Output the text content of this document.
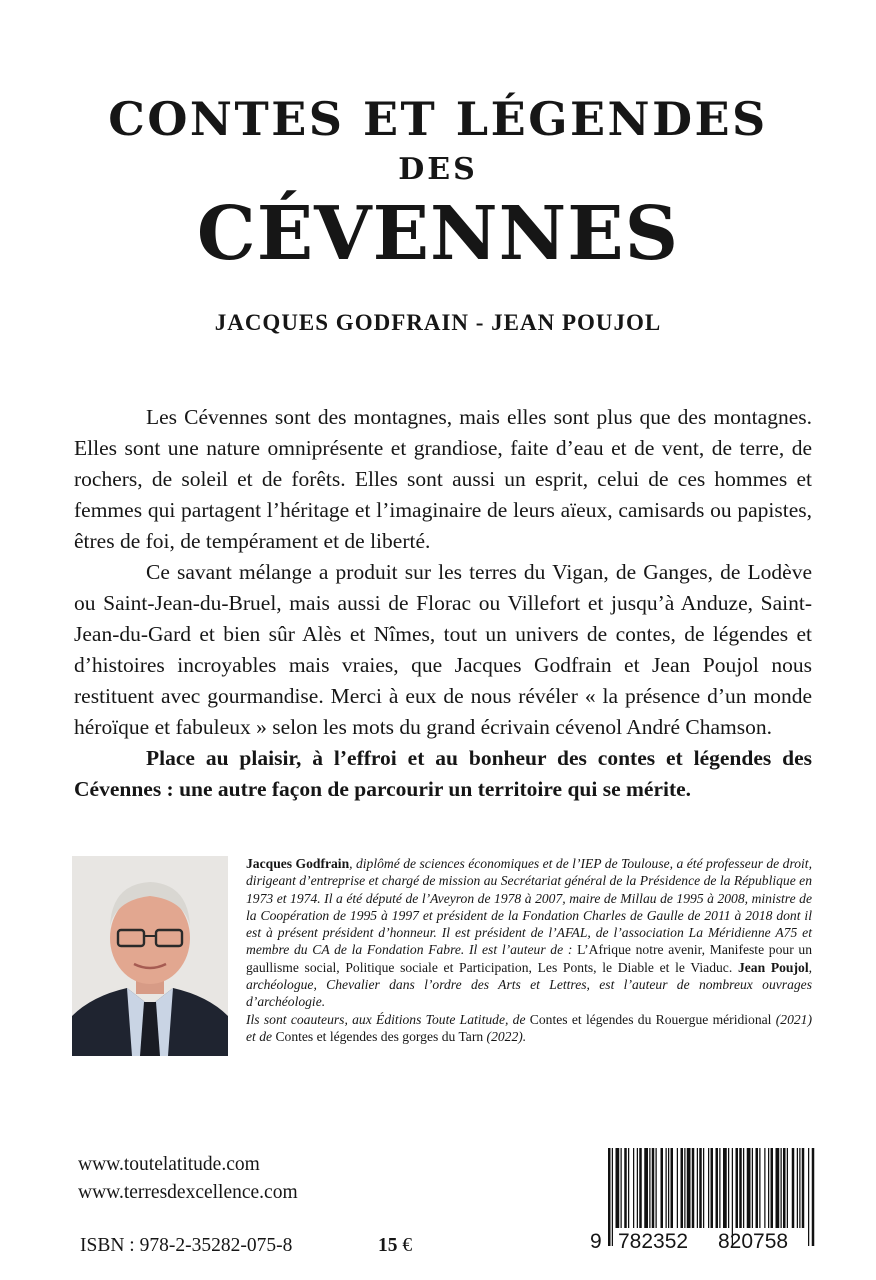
CONTES ET LÉGENDES
DES
CÉVENNES
JACQUES GODFRAIN - JEAN POUJOL

Les Cévennes sont des montagnes, mais elles sont plus que des montagnes. Elles sont une nature omniprésente et grandiose, faite d’eau et de vent, de terre, de rochers, de soleil et de forêts. Elles sont aussi un esprit, celui de ces hommes et femmes qui partagent l’héritage et l’imaginaire de leurs aïeux, camisards ou papistes, êtres de foi, de tempérament et de liberté.

Ce savant mélange a produit sur les terres du Vigan, de Ganges, de Lodève ou Saint-Jean-du-Bruel, mais aussi de Florac ou Villefort et jusqu’à Anduze, Saint-Jean-du-Gard et bien sûr Alès et Nîmes, tout un univers de contes, de légendes et d’histoires incroyables mais vraies, que Jacques Godfrain et Jean Poujol nous restituent avec gourmandise. Merci à eux de nous révéler « la présence d’un monde héroïque et fabuleux » selon les mots du grand écrivain cévenol André Chamson.

Place au plaisir, à l’effroi et au bonheur des contes et légendes des Cévennes : une autre façon de parcourir un territoire qui se mérite.

Jacques Godfrain, diplômé de sciences économiques et de l’IEP de Toulouse, a été professeur de droit, dirigeant d’entreprise et chargé de mission au Secrétariat général de la Présidence de la République en 1973 et 1974. Il a été député de l’Aveyron de 1978 à 2007, maire de Millau de 1995 à 2008, ministre de la Coopération de 1995 à 1997 et président de la Fondation Charles de Gaulle de 2011 à 2018 dont il est à présent président d’honneur. Il est président de l’AFAL, de l’association La Méridienne A75 et membre du CA de la Fondation Fabre. Il est l’auteur de : L’Afrique notre avenir, Manifeste pour un gaullisme social, Politique sociale et Participation, Les Ponts, le Diable et le Viaduc. Jean Poujol, archéologue, Chevalier dans l’ordre des Arts et Lettres, est l’auteur de nombreux ouvrages d’archéologie.

Ils sont coauteurs, aux Éditions Toute Latitude, de Contes et légendes du Rouergue méridional (2021) et de Contes et légendes des gorges du Tarn (2022).

www.toutelatitude.com
www.terresdexcellence.com
ISBN : 978-2-35282-075-8	15 €	9 782352 820758
